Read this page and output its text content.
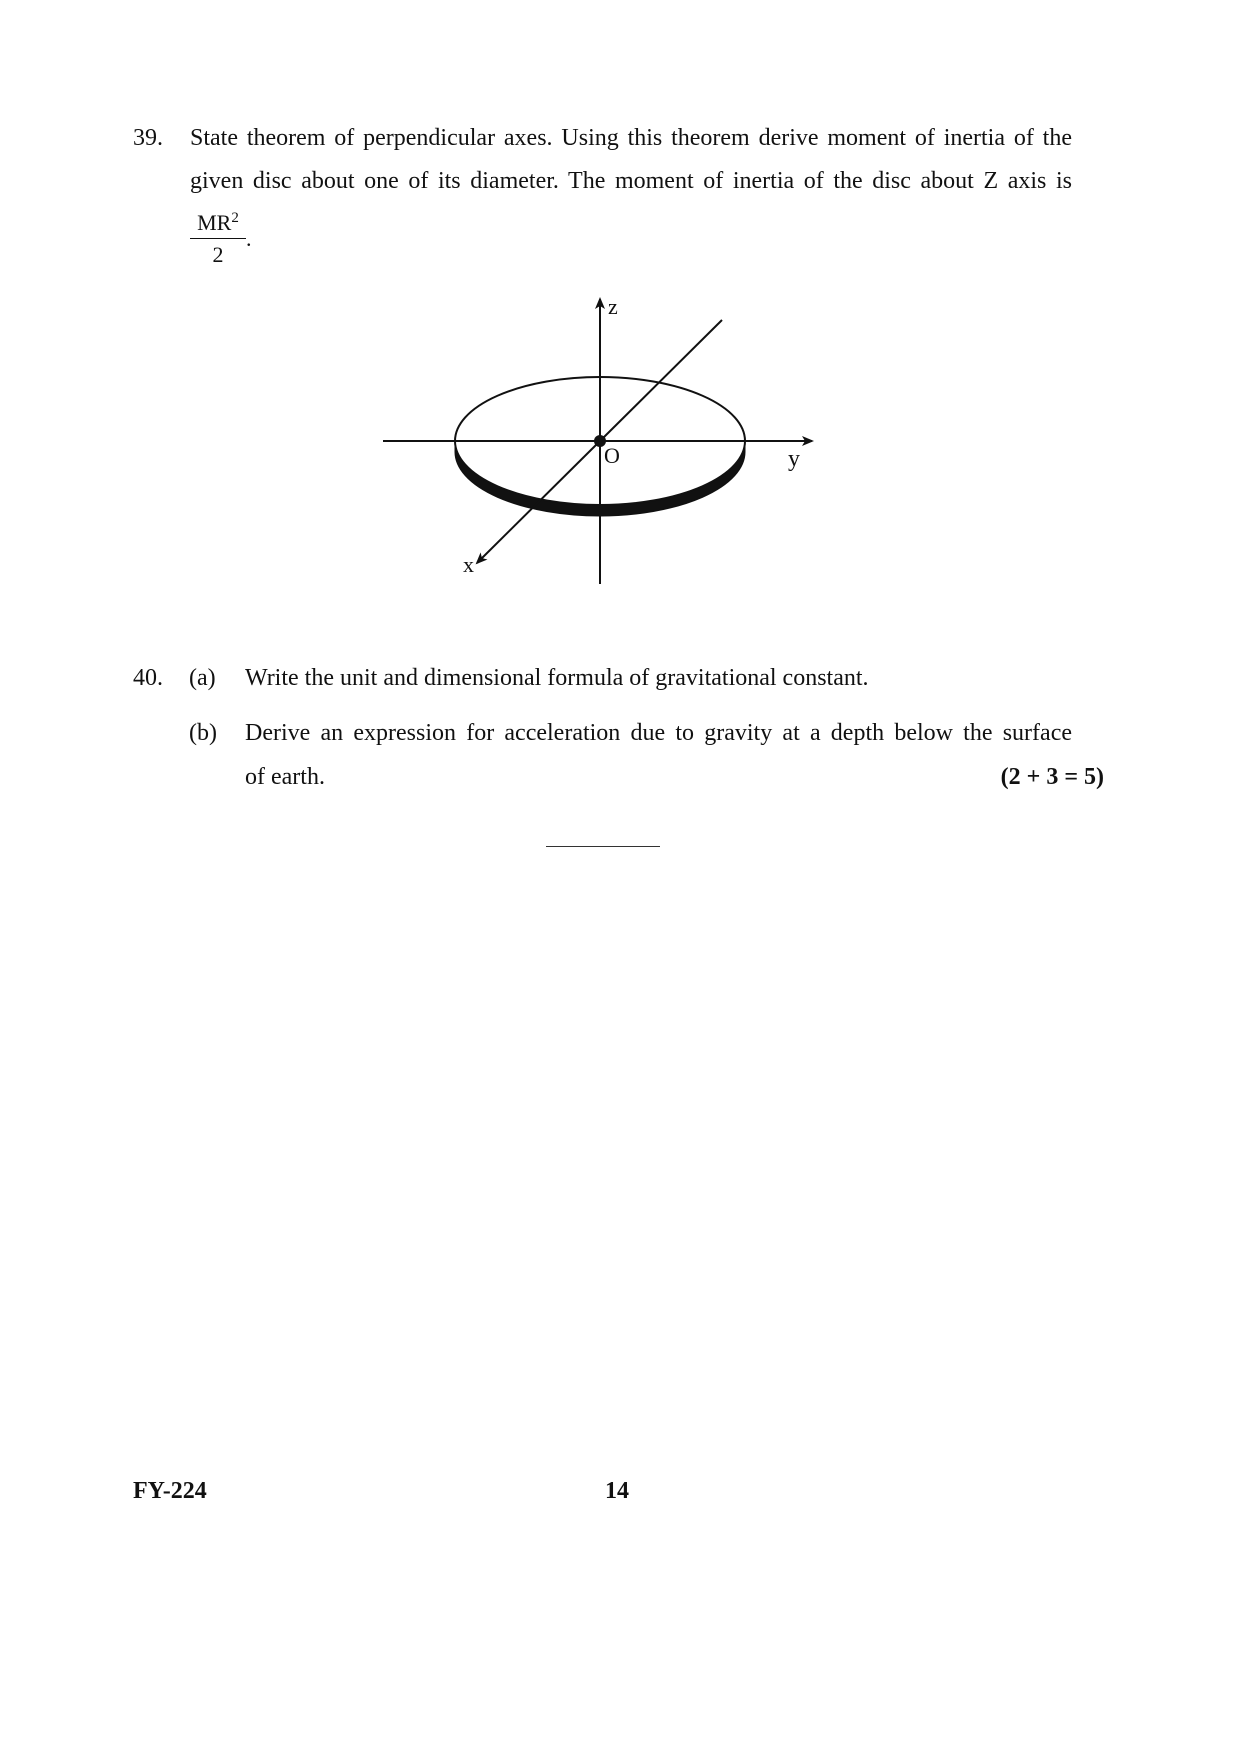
39. State theorem of perpendicular axes. Using this theorem derive moment of inertia of the
given disc about one of its diameter. The moment of inertia of the disc about Z axis is
$MR^2$
2
.
z
y
x
O
40. (a) Write the unit and dimensional formula of gravitational constant.
(b) Derive an expression for acceleration due to gravity at a depth below the surface
of earth.	(2 + 3 = 5)
FY-224	14
